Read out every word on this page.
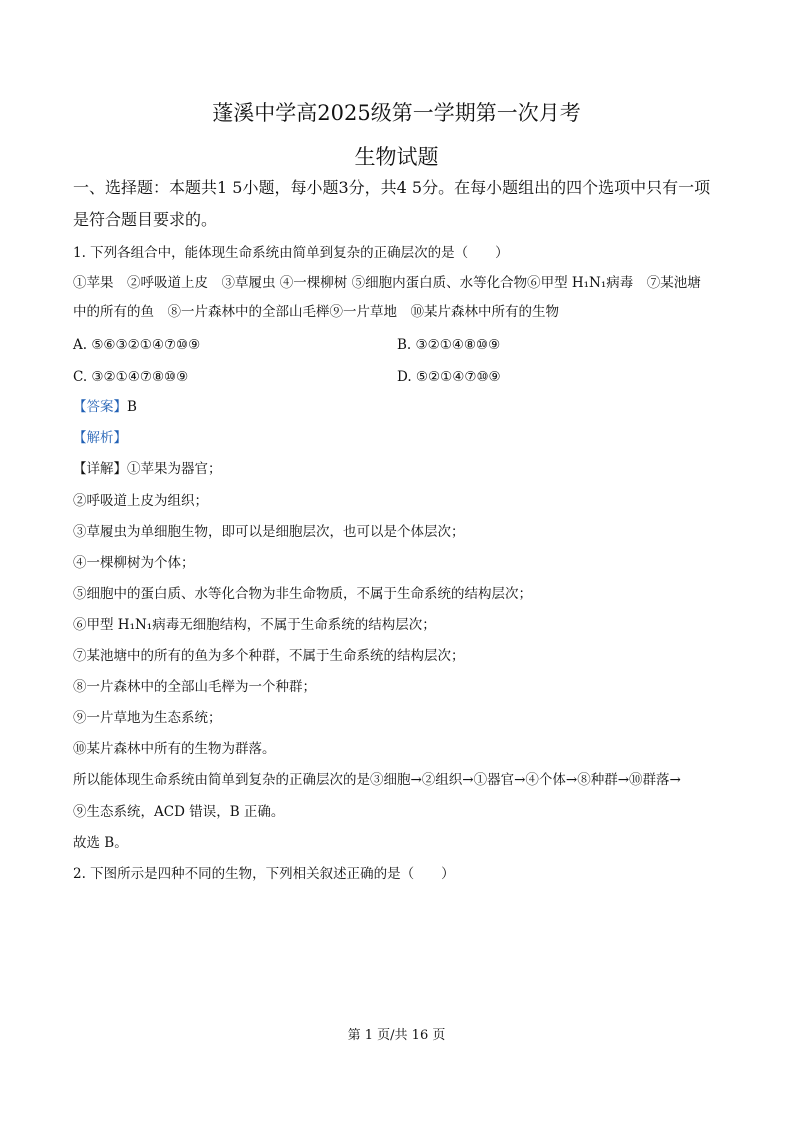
蓬溪中学高2025级第一学期第一次月考
生物试题
一、选择题：本题共1 5小题，每小题3分，共4 5分。在每小题组出的四个选项中只有一项
是符合题目要求的。
1. 下列各组合中，能体现生命系统由简单到复杂的正确层次的是（　　）
①苹果　②呼吸道上皮　③草履虫 ④一棵柳树 ⑤细胞内蛋白质、水等化合物⑥甲型 H₁N₁病毒　⑦某池塘
中的所有的鱼　⑧一片森林中的全部山毛榉⑨一片草地　⑩某片森林中所有的生物
A. ⑤⑥③②①④⑦⑩⑨	B. ③②①④⑧⑩⑨
C. ③②①④⑦⑧⑩⑨	D. ⑤②①④⑦⑩⑨
【答案】B
【解析】
【详解】①苹果为器官；
②呼吸道上皮为组织；
③草履虫为单细胞生物，即可以是细胞层次，也可以是个体层次；
④一棵柳树为个体；
⑤细胞中的蛋白质、水等化合物为非生命物质，不属于生命系统的结构层次；
⑥甲型 H₁N₁病毒无细胞结构，不属于生命系统的结构层次；
⑦某池塘中的所有的鱼为多个种群，不属于生命系统的结构层次；
⑧一片森林中的全部山毛榉为一个种群；
⑨一片草地为生态系统；
⑩某片森林中所有的生物为群落。
所以能体现生命系统由简单到复杂的正确层次的是③细胞→②组织→①器官→④个体→⑧种群→⑩群落→
⑨生态系统，ACD 错误，B 正确。
故选 B。
2. 下图所示是四种不同的生物，下列相关叙述正确的是（　　）
第 1 页/共 16 页
